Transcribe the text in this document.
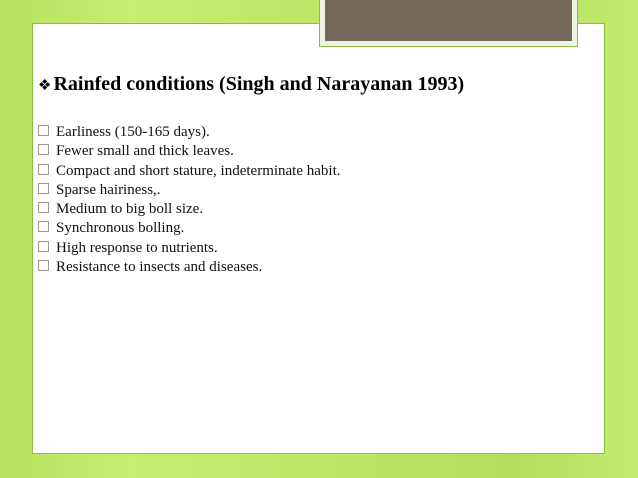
❖ Rainfed conditions (Singh and Narayanan 1993)
Earliness (150-165 days).
Fewer small and thick leaves.
Compact and short stature, indeterminate habit.
Sparse hairiness,.
Medium to big boll size.
Synchronous bolling.
High response to nutrients.
Resistance to insects and diseases.
